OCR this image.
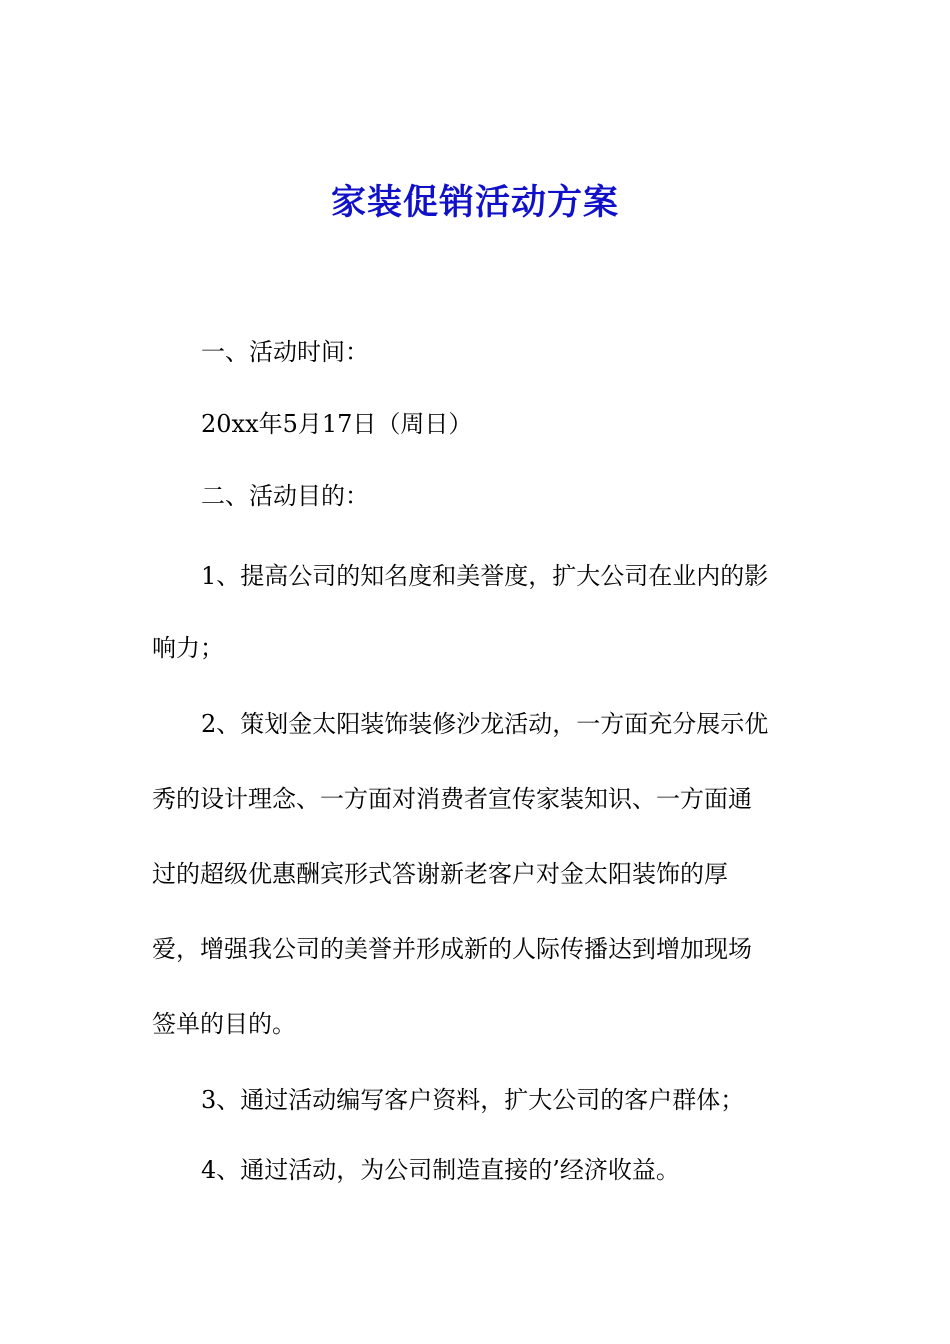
家装促销活动方案
一、活动时间：
20xx年5月17日（周日）
二、活动目的：
1、提高公司的知名度和美誉度，扩大公司在业内的影
响力；
2、策划金太阳装饰装修沙龙活动，一方面充分展示优
秀的设计理念、一方面对消费者宣传家装知识、一方面通
过的超级优惠酬宾形式答谢新老客户对金太阳装饰的厚
爱，增强我公司的美誉并形成新的人际传播达到增加现场
签单的目的。
3、通过活动编写客户资料，扩大公司的客户群体；
4、通过活动，为公司制造直接的’经济收益。
